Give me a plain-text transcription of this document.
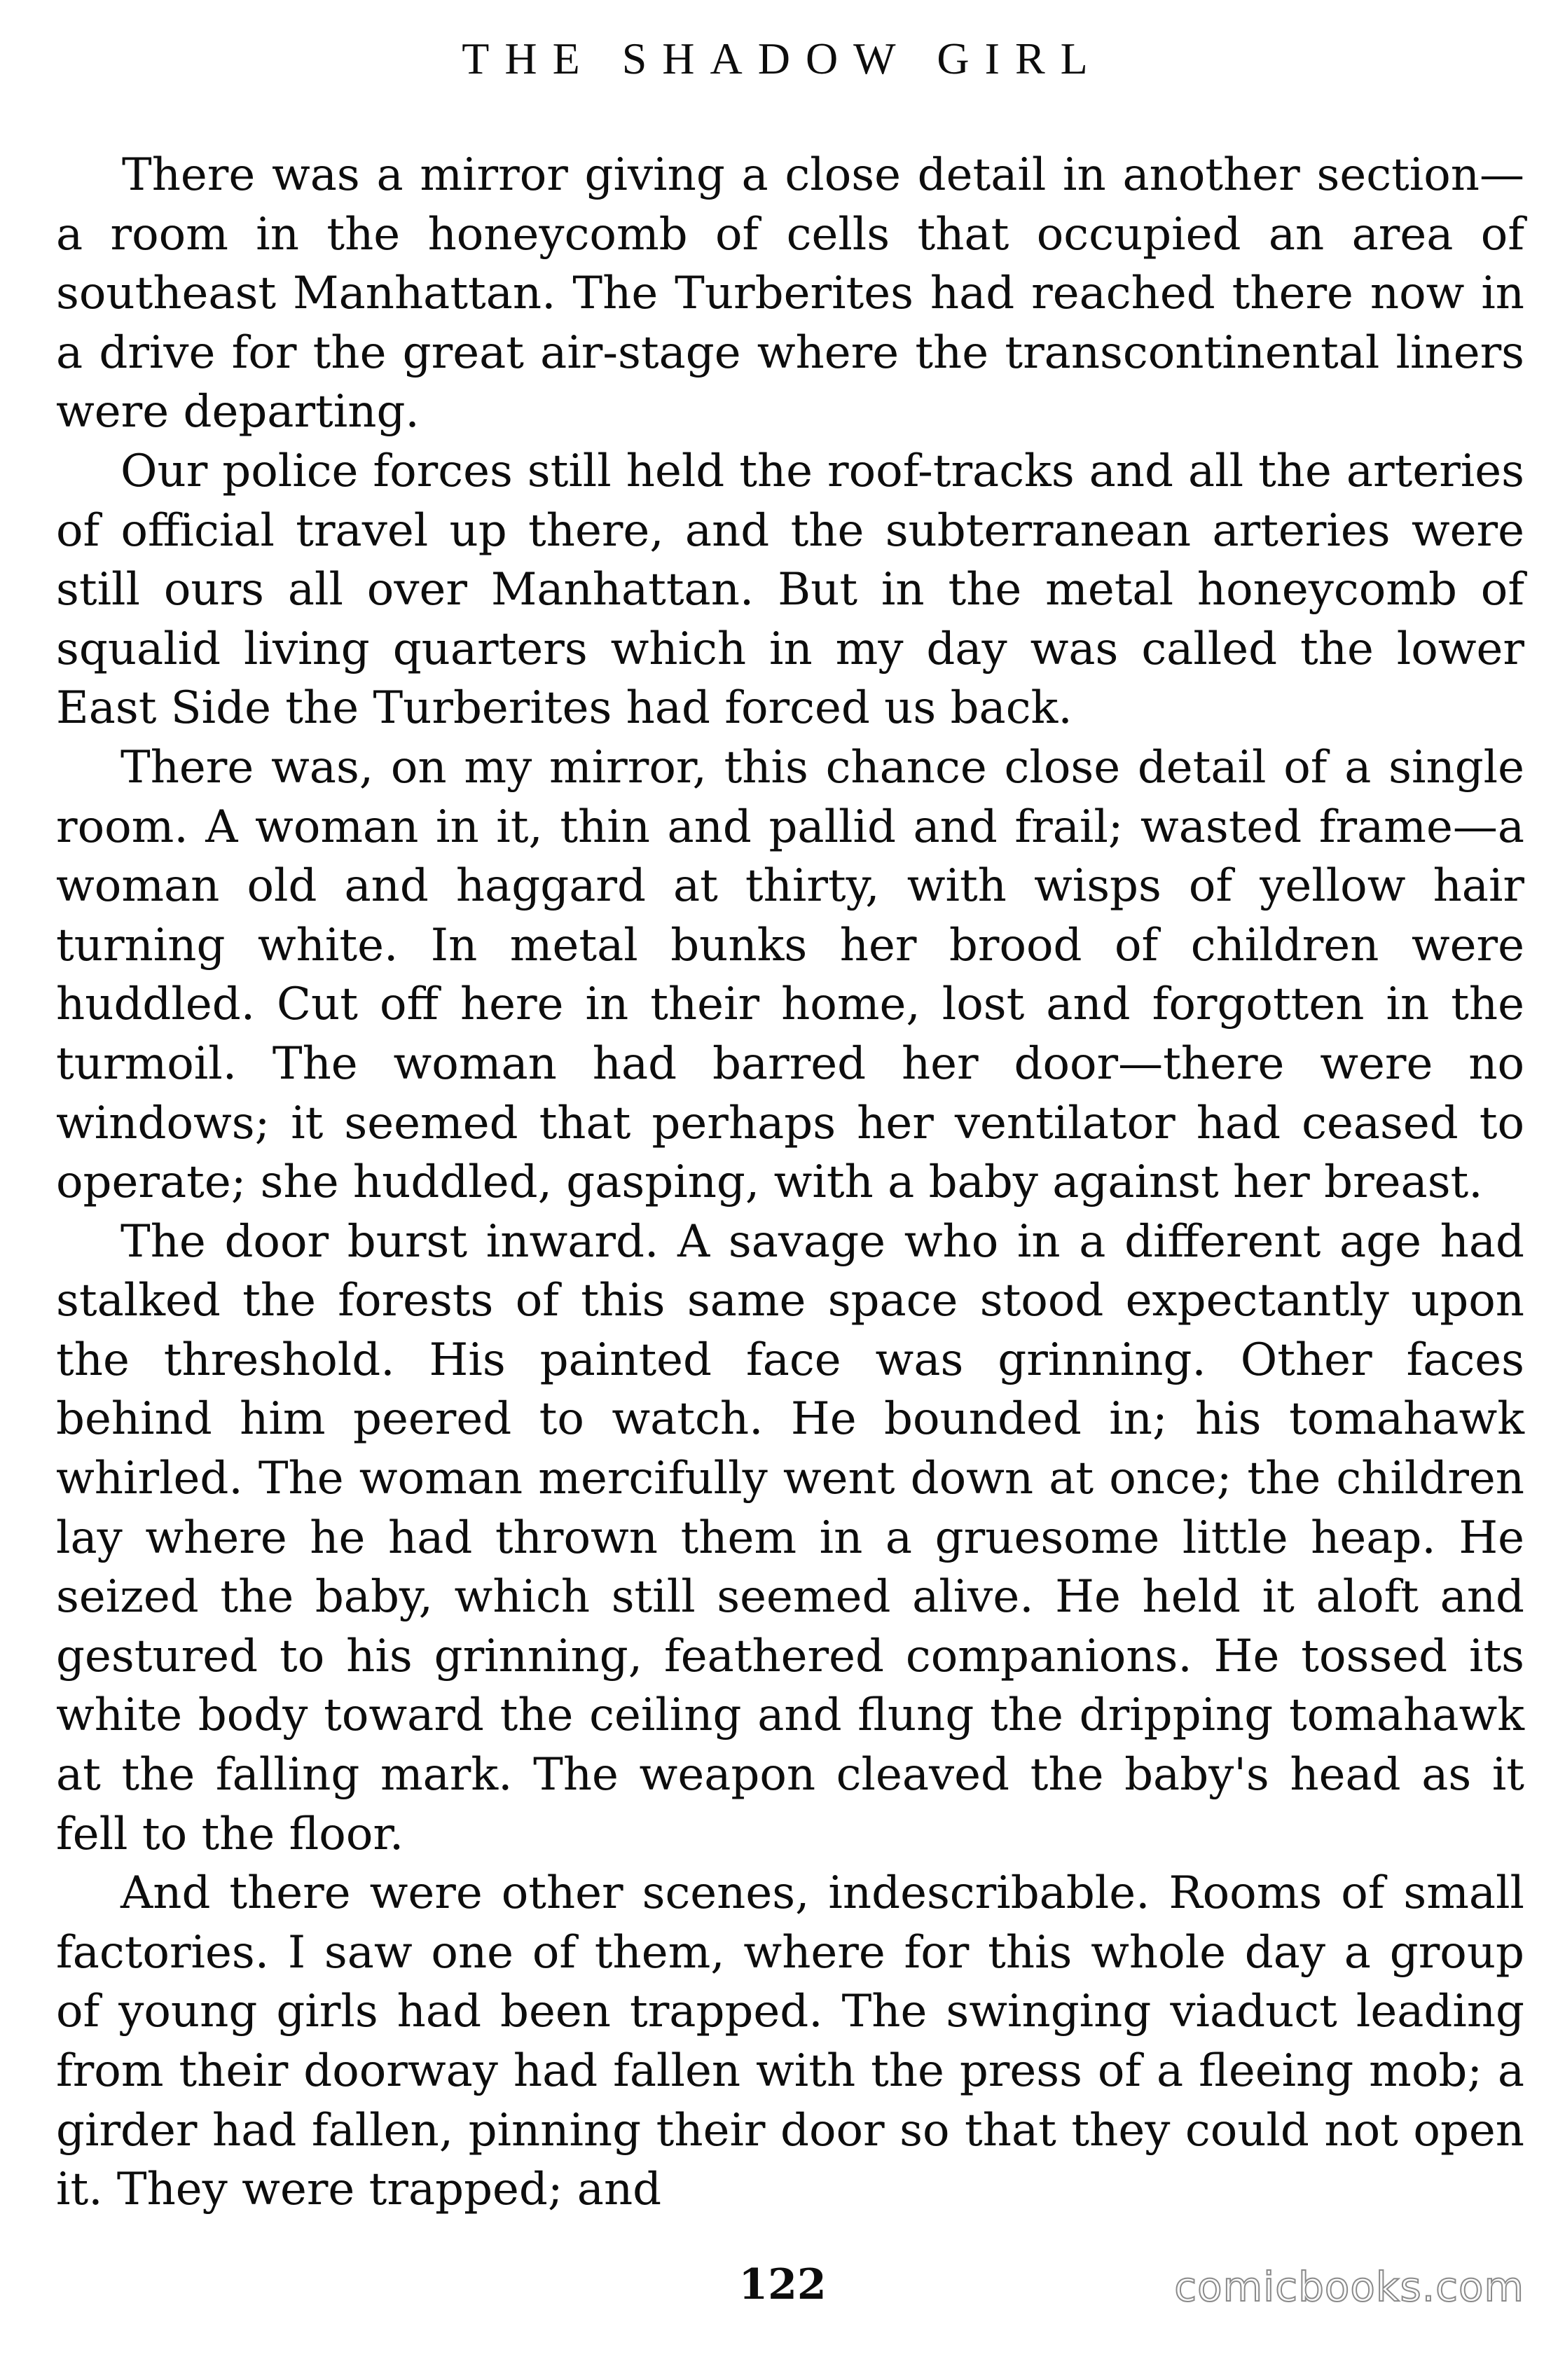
THE SHADOW GIRL

There was a mirror giving a close detail in another section—a room in the honeycomb of cells that occupied an area of southeast Manhattan. The Turberites had reached there now in a drive for the great air-stage where the transcontinental liners were departing.

Our police forces still held the roof-tracks and all the arteries of official travel up there, and the subterranean arteries were still ours all over Manhattan. But in the metal honeycomb of squalid living quarters which in my day was called the lower East Side the Turberites had forced us back.

There was, on my mirror, this chance close detail of a single room. A woman in it, thin and pallid and frail; wasted frame—a woman old and haggard at thirty, with wisps of yellow hair turning white. In metal bunks her brood of children were huddled. Cut off here in their home, lost and forgotten in the turmoil. The woman had barred her door—there were no windows; it seemed that perhaps her ventilator had ceased to operate; she huddled, gasping, with a baby against her breast.

The door burst inward. A savage who in a different age had stalked the forests of this same space stood expectantly upon the threshold. His painted face was grinning. Other faces behind him peered to watch. He bounded in; his tomahawk whirled. The woman mercifully went down at once; the children lay where he had thrown them in a gruesome little heap. He seized the baby, which still seemed alive. He held it aloft and gestured to his grinning, feathered companions. He tossed its white body toward the ceiling and flung the dripping tomahawk at the falling mark. The weapon cleaved the baby's head as it fell to the floor.

And there were other scenes, indescribable. Rooms of small factories. I saw one of them, where for this whole day a group of young girls had been trapped. The swinging viaduct leading from their doorway had fallen with the press of a fleeing mob; a girder had fallen, pinning their door so that they could not open it. They were trapped; and

122	comicbooks.com
